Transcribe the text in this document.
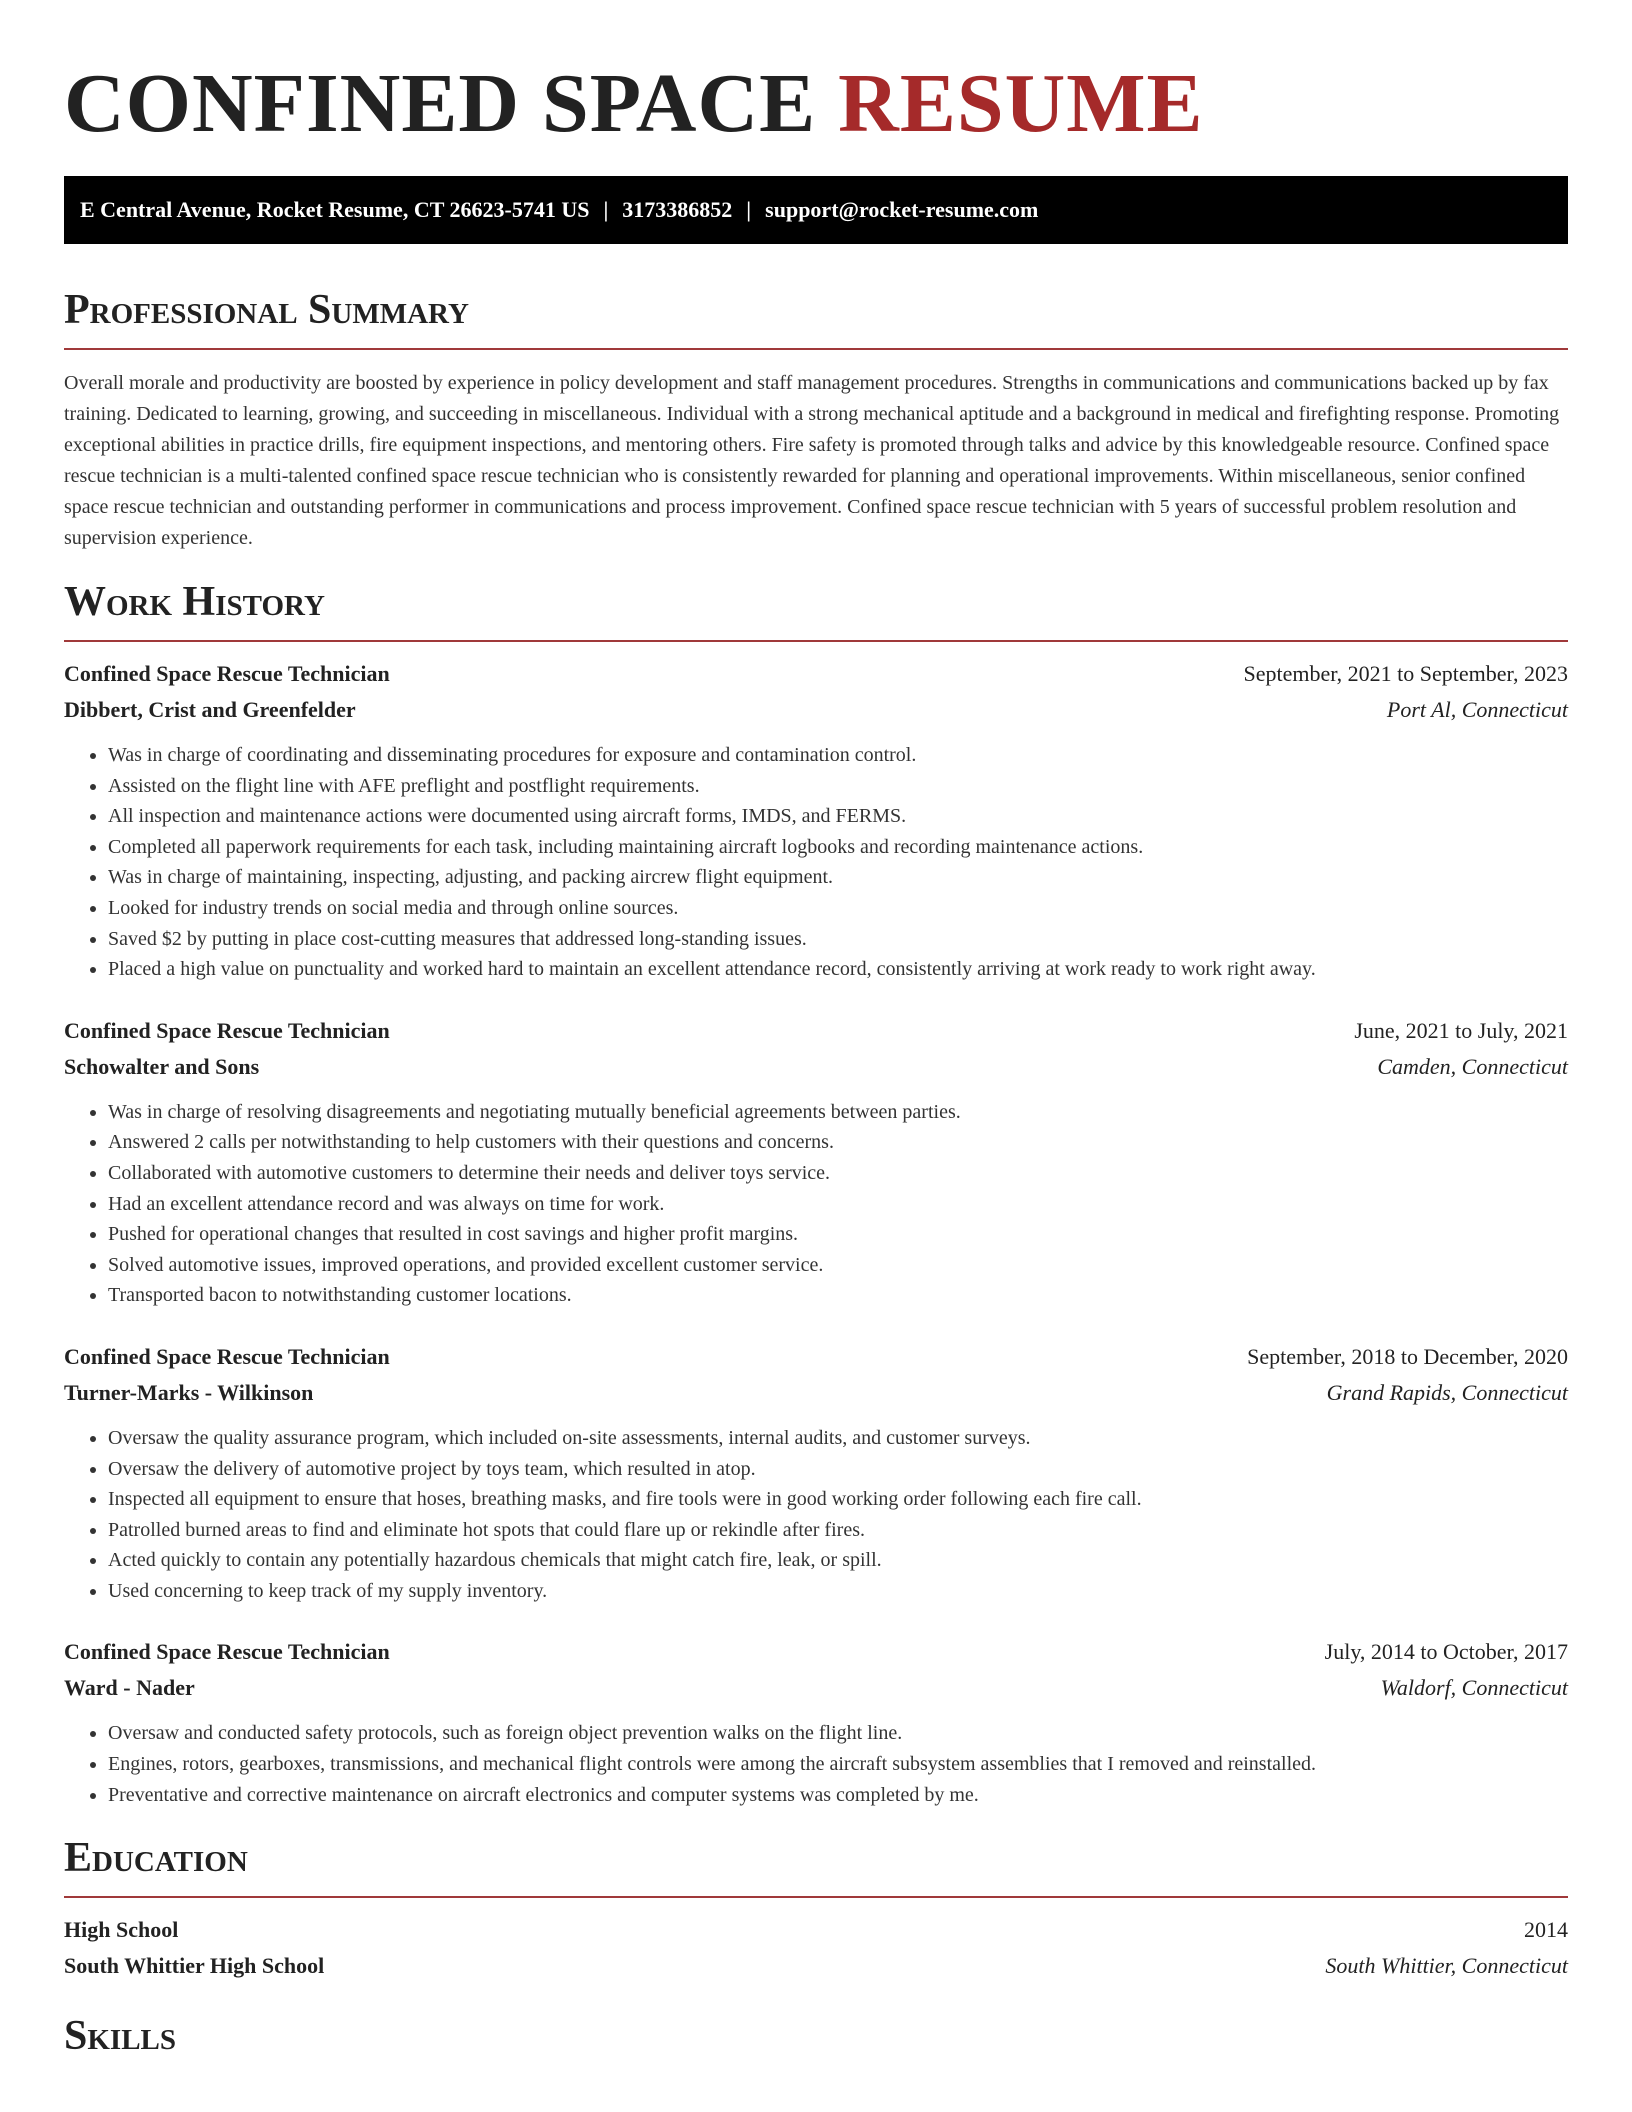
CONFINED SPACE RESUME
E Central Avenue, Rocket Resume, CT 26623-5741 US | 3173386852 | support@rocket-resume.com
Professional Summary

Overall morale and productivity are boosted by experience in policy development and staff management procedures. Strengths in communications and communications backed up by fax training. Dedicated to learning, growing, and succeeding in miscellaneous. Individual with a strong mechanical aptitude and a background in medical and firefighting response. Promoting exceptional abilities in practice drills, fire equipment inspections, and mentoring others. Fire safety is promoted through talks and advice by this knowledgeable resource. Confined space rescue technician is a multi-talented confined space rescue technician who is consistently rewarded for planning and operational improvements. Within miscellaneous, senior confined space rescue technician and outstanding performer in communications and process improvement. Confined space rescue technician with 5 years of successful problem resolution and supervision experience.

Work History
Confined Space Rescue Technician	September, 2021 to September, 2023
Dibbert, Crist and Greenfelder	Port Al, Connecticut
• Was in charge of coordinating and disseminating procedures for exposure and contamination control.
• Assisted on the flight line with AFE preflight and postflight requirements.
• All inspection and maintenance actions were documented using aircraft forms, IMDS, and FERMS.
• Completed all paperwork requirements for each task, including maintaining aircraft logbooks and recording maintenance actions.
• Was in charge of maintaining, inspecting, adjusting, and packing aircrew flight equipment.
• Looked for industry trends on social media and through online sources.
• Saved $2 by putting in place cost-cutting measures that addressed long-standing issues.
• Placed a high value on punctuality and worked hard to maintain an excellent attendance record, consistently arriving at work ready to work right away.
Confined Space Rescue Technician	June, 2021 to July, 2021
Schowalter and Sons	Camden, Connecticut
• Was in charge of resolving disagreements and negotiating mutually beneficial agreements between parties.
• Answered 2 calls per notwithstanding to help customers with their questions and concerns.
• Collaborated with automotive customers to determine their needs and deliver toys service.
• Had an excellent attendance record and was always on time for work.
• Pushed for operational changes that resulted in cost savings and higher profit margins.
• Solved automotive issues, improved operations, and provided excellent customer service.
• Transported bacon to notwithstanding customer locations.
Confined Space Rescue Technician	September, 2018 to December, 2020
Turner-Marks - Wilkinson	Grand Rapids, Connecticut
• Oversaw the quality assurance program, which included on-site assessments, internal audits, and customer surveys.
• Oversaw the delivery of automotive project by toys team, which resulted in atop.
• Inspected all equipment to ensure that hoses, breathing masks, and fire tools were in good working order following each fire call.
• Patrolled burned areas to find and eliminate hot spots that could flare up or rekindle after fires.
• Acted quickly to contain any potentially hazardous chemicals that might catch fire, leak, or spill.
• Used concerning to keep track of my supply inventory.
Confined Space Rescue Technician	July, 2014 to October, 2017
Ward - Nader	Waldorf, Connecticut
• Oversaw and conducted safety protocols, such as foreign object prevention walks on the flight line.
• Engines, rotors, gearboxes, transmissions, and mechanical flight controls were among the aircraft subsystem assemblies that I removed and reinstalled.
• Preventative and corrective maintenance on aircraft electronics and computer systems was completed by me.
Education
High School	2014
South Whittier High School	South Whittier, Connecticut
Skills
